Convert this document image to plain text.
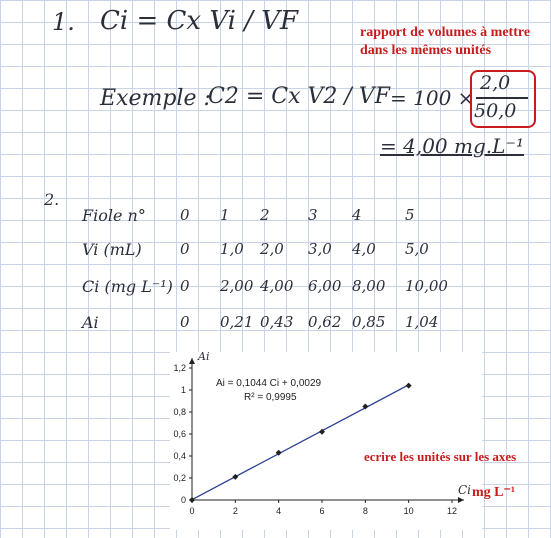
1. Ci = Cx Vi / VF	rapport de volumes à mettre dans les mêmes unités
Exemple :
C2 = Cx V2 / VF = 100 ×
2,0
50,0
= 4,00 mg.L⁻¹
2.
Fiole n° 0 1 2	3 4	5
Vi (mL)	0 1,0 2,0 3,0 4,0 5,0
Ci (mg L⁻¹) 0 2,00 4,00 6,00 8,00 10,00
Ai	0 0,21 0,43 0,62 0,85 1,04
0	2	4	6	8	10	12
0
0,2
0,4
0,6
0,8
1
1,2
Ai
Ci
Ai = 0,1044 Ci + 0,0029
R² = 0,9995
ecrire les unités sur les axes
mg L⁻¹
